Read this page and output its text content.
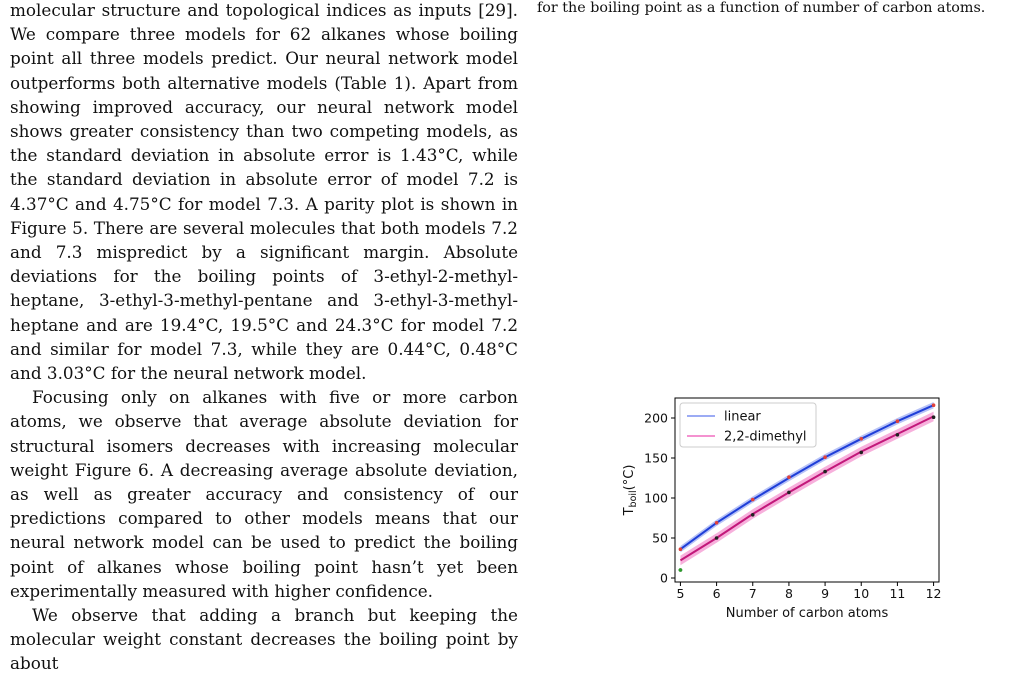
molecular structure and topological indices as inputs [29]. We compare three models for 62 alkanes whose boiling point all three models predict. Our neural network model outperforms both alternative models (Table 1). Apart from showing improved accuracy, our neural network model shows greater consistency than two competing models, as the standard deviation in absolute error is 1.43°C, while the standard deviation in absolute error of model 7.2 is 4.37°C and 4.75°C for model 7.3. A parity plot is shown in Figure 5. There are several molecules that both models 7.2 and 7.3 mispredict by a significant margin. Absolute deviations for the boiling points of 3-ethyl-2-methyl-heptane, 3-ethyl-3-methyl-pentane and 3-ethyl-3-methyl-heptane and are 19.4°C, 19.5°C and 24.3°C for model 7.2 and similar for model 7.3, while they are 0.44°C, 0.48°C and 3.03°C for the neural network model.

Focusing only on alkanes with five or more carbon atoms, we observe that average absolute deviation for structural isomers decreases with increasing molecular weight Figure 6. A decreasing average absolute deviation, as well as greater accuracy and consistency of our predictions compared to other models means that our neural network model can be used to predict the boiling point of alkanes whose boiling point hasn’t yet been experimentally measured with higher confidence.

We observe that adding a branch but keeping the molecular weight constant decreases the boiling point by about

for the boiling point as a function of number of carbon atoms.
5 6 7 8 9 10 11 12
0
50
100
150
200
Number of carbon atoms
$T_{boil}(^\circ C)$
linear
2,2-dimethyl
